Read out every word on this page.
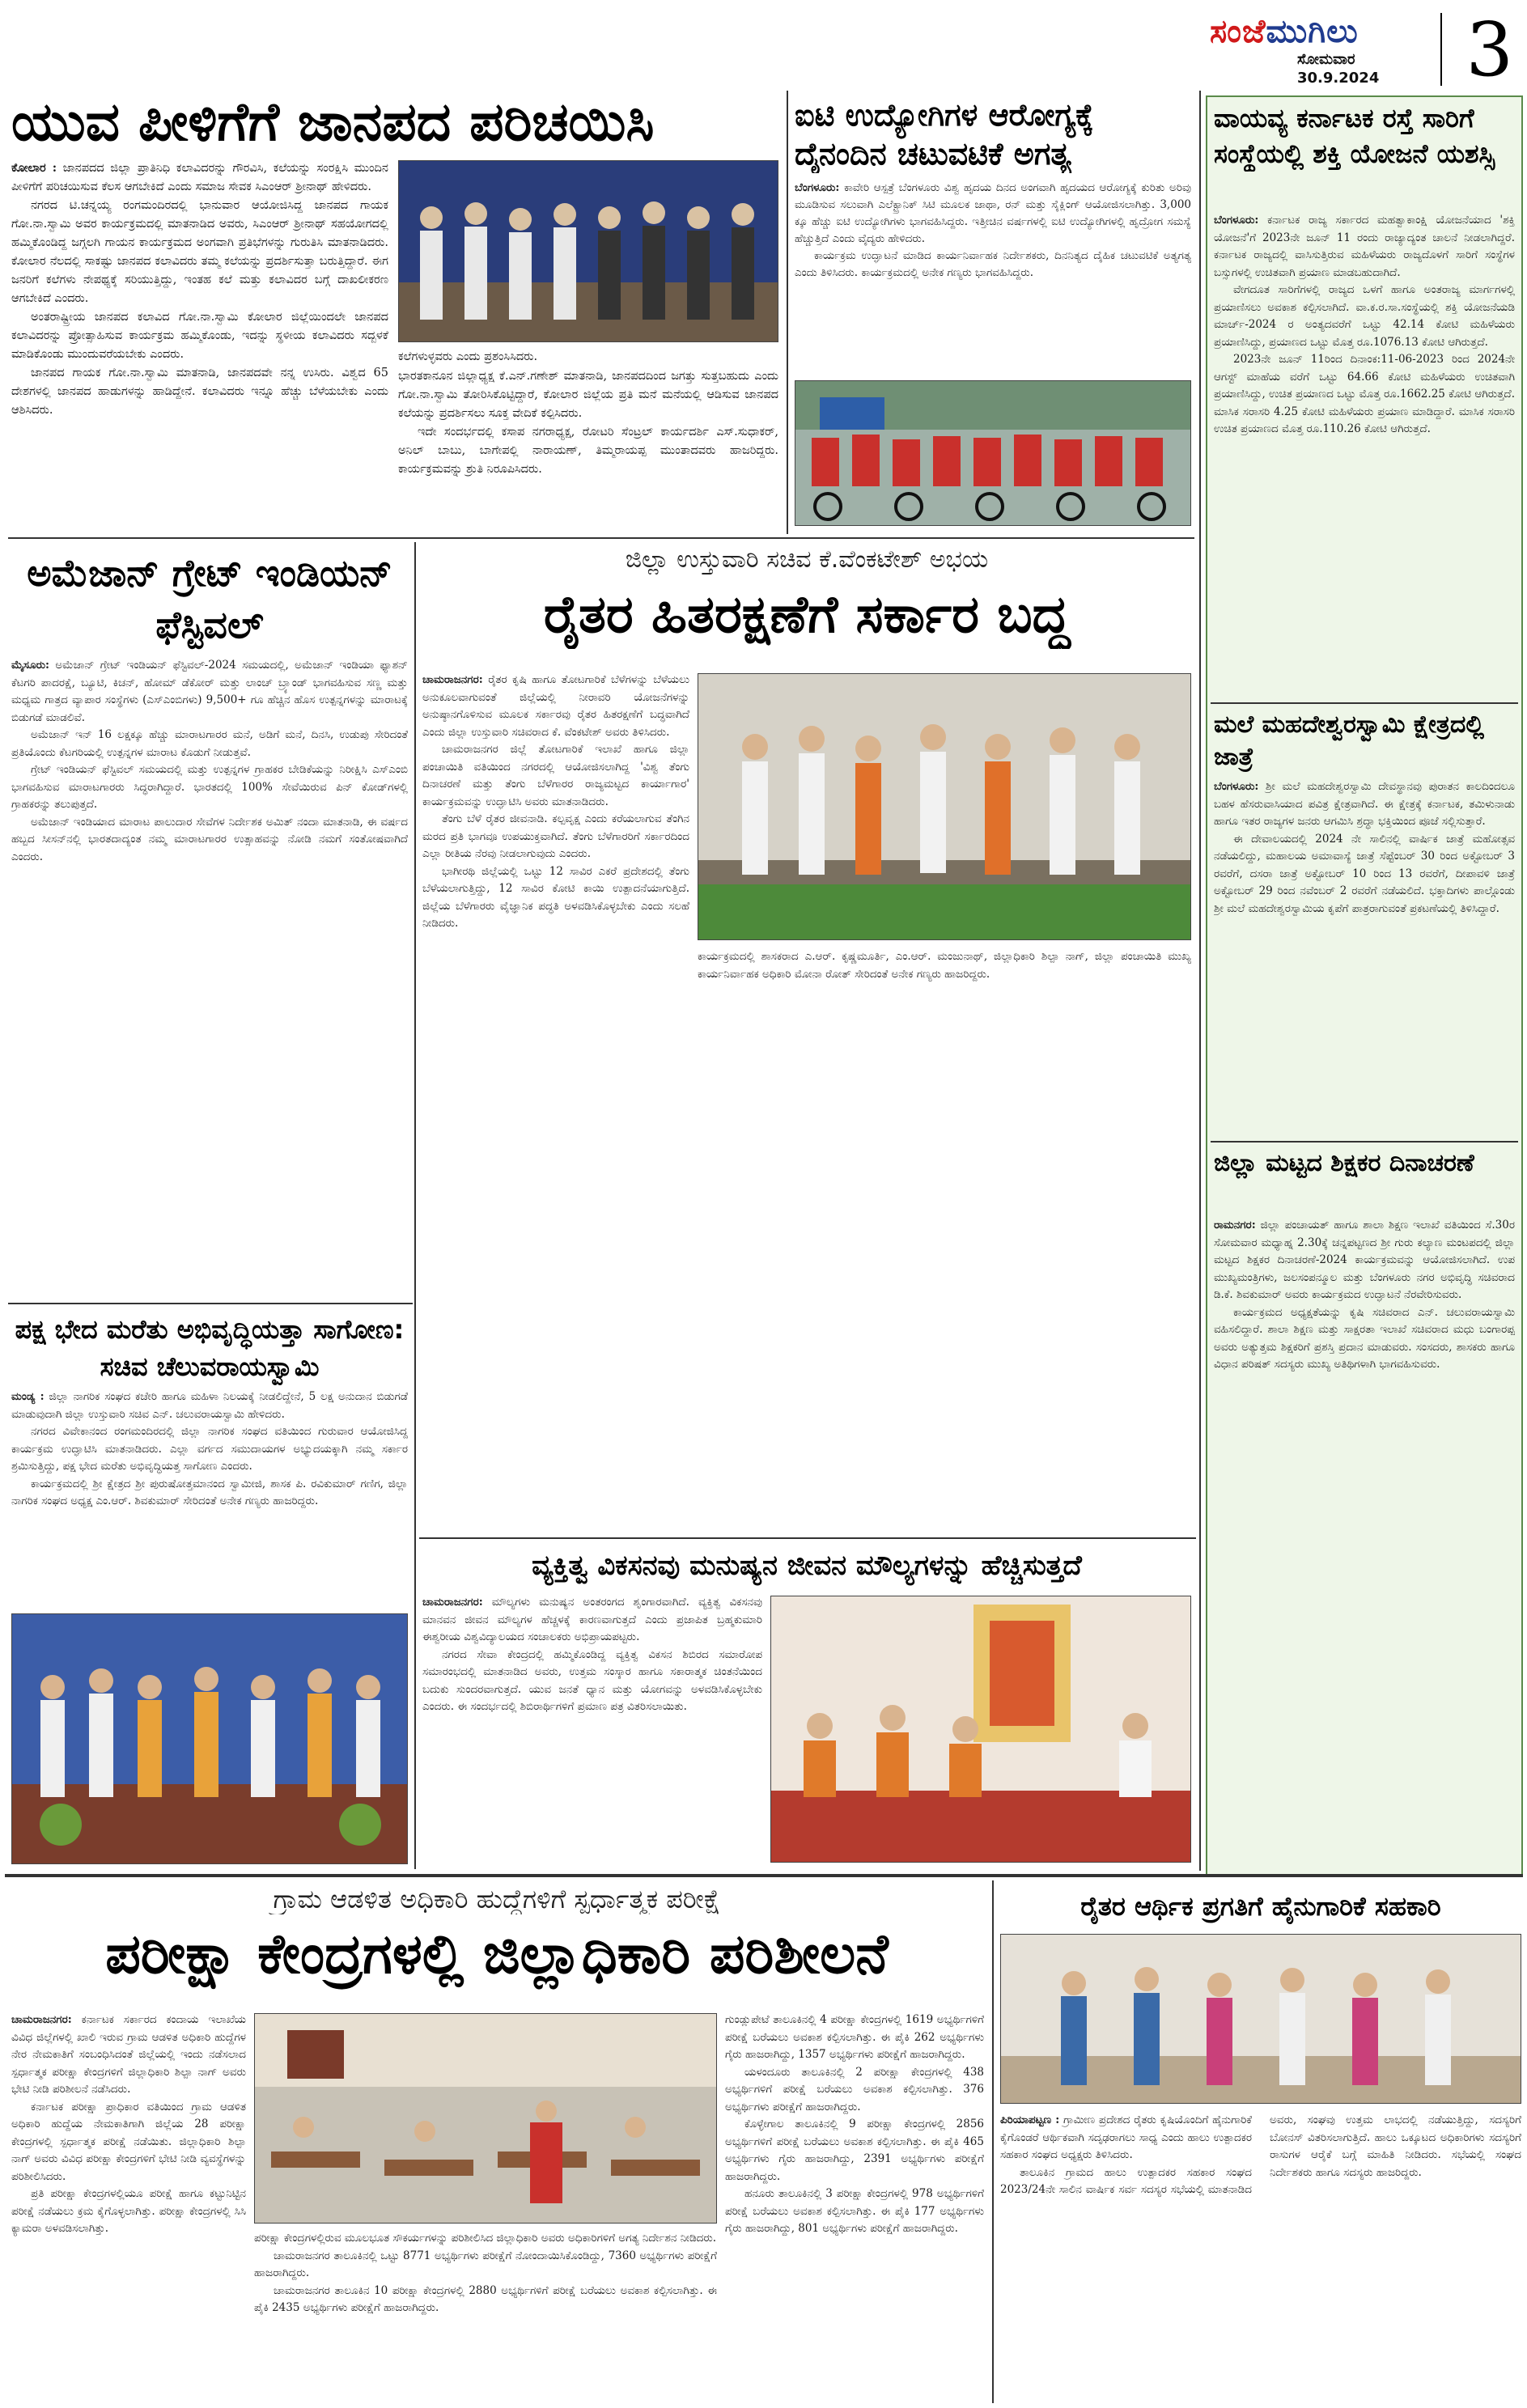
ಸಂಜೆಮುಗಿಲು
ಸೋಮವಾರ
30.9.2024 3
ಯುವ ಪೀಳಿಗೆಗೆ ಜಾನಪದ ಪರಿಚಯಿಸಿ

ಕೋಲಾರ : ಜಾನಪದದ ಜಿಲ್ಲಾ ಪ್ರಾತಿನಿಧಿ ಕಲಾವಿದರನ್ನು ಗೌರವಿಸಿ, ಕಲೆಯನ್ನು ಸಂರಕ್ಷಿಸಿ ಮುಂದಿನ ಪೀಳಿಗೆಗೆ ಪರಿಚಯಿಸುವ ಕೆಲಸ ಆಗಬೇಕಿದೆ ಎಂದು ಸಮಾಜ ಸೇವಕ ಸಿಎಂಆರ್ ಶ್ರೀನಾಥ್ ಹೇಳಿದರು.

ನಗರದ ಟಿ.ಚನ್ನಯ್ಯ ರಂಗಮಂದಿರದಲ್ಲಿ ಭಾನುವಾರ ಆಯೋಜಿಸಿದ್ದ ಜಾನಪದ ಗಾಯಕ ಗೋ.ನಾ.ಸ್ವಾಮಿ ಅವರ ಕಾರ್ಯಕ್ರಮದಲ್ಲಿ ಮಾತನಾಡಿದ ಅವರು, ಸಿಎಂಆರ್ ಶ್ರೀನಾಥ್ ಸಹಯೋಗದಲ್ಲಿ ಹಮ್ಮಿಕೊಂಡಿದ್ದ ಜಗ್ಗಲಗಿ ಗಾಯನ ಕಾರ್ಯಕ್ರಮದ ಅಂಗವಾಗಿ ಪ್ರತಿಭೆಗಳನ್ನು ಗುರುತಿಸಿ ಮಾತನಾಡಿದರು. ಕೋಲಾರ ನೆಲದಲ್ಲಿ ಸಾಕಷ್ಟು ಜಾನಪದ ಕಲಾವಿದರು ತಮ್ಮ ಕಲೆಯನ್ನು ಪ್ರದರ್ಶಿಸುತ್ತಾ ಬರುತ್ತಿದ್ದಾರೆ. ಈಗ ಜನರಿಗೆ ಕಲೆಗಳು ನೇಪಥ್ಯಕ್ಕೆ ಸರಿಯುತ್ತಿದ್ದು, ಇಂತಹ ಕಲೆ ಮತ್ತು ಕಲಾವಿದರ ಬಗ್ಗೆ ದಾಖಲೀಕರಣ ಆಗಬೇಕಿದೆ ಎಂದರು.

ಅಂತರಾಷ್ಟ್ರೀಯ ಜಾನಪದ ಕಲಾವಿದ ಗೋ.ನಾ.ಸ್ವಾಮಿ ಕೋಲಾರ ಜಿಲ್ಲೆಯಿಂದಲೇ ಜಾನಪದ ಕಲಾವಿದರನ್ನು ಪ್ರೋತ್ಸಾಹಿಸುವ ಕಾರ್ಯಕ್ರಮ ಹಮ್ಮಿಕೊಂಡು, ಇದನ್ನು ಸ್ಥಳೀಯ ಕಲಾವಿದರು ಸದ್ಬಳಕೆ ಮಾಡಿಕೊಂಡು ಮುಂದುವರೆಯಬೇಕು ಎಂದರು.

ಜಾನಪದ ಗಾಯಕ ಗೋ.ನಾ.ಸ್ವಾಮಿ ಮಾತನಾಡಿ, ಜಾನಪದವೇ ನನ್ನ ಉಸಿರು. ವಿಶ್ವದ 65 ದೇಶಗಳಲ್ಲಿ ಜಾನಪದ ಹಾಡುಗಳನ್ನು ಹಾಡಿದ್ದೇನೆ. ಕಲಾವಿದರು ಇನ್ನೂ ಹೆಚ್ಚು ಬೆಳೆಯಬೇಕು ಎಂದು ಆಶಿಸಿದರು.

ಕಲೆಗಳುಳ್ಳವರು ಎಂದು ಪ್ರಶಂಸಿಸಿದರು.

ಭಾರತಕಾನೂನ ಜಿಲ್ಲಾಧ್ಯಕ್ಷ ಕೆ.ಎನ್.ಗಣೇಶ್ ಮಾತನಾಡಿ, ಜಾನಪದದಿಂದ ಜಗತ್ತು ಸುತ್ತಬಹುದು ಎಂದು ಗೋ.ನಾ.ಸ್ವಾಮಿ ತೋರಿಸಿಕೊಟ್ಟಿದ್ದಾರೆ, ಕೋಲಾರ ಜಿಲ್ಲೆಯ ಪ್ರತಿ ಮನೆ ಮನೆಯಲ್ಲಿ ಆಡಿಸುವ ಜಾನಪದ ಕಲೆಯನ್ನು ಪ್ರದರ್ಶಿಸಲು ಸೂಕ್ತ ವೇದಿಕೆ ಕಲ್ಪಿಸಿದರು.

ಇದೇ ಸಂದರ್ಭದಲ್ಲಿ ಕಸಾಪ ನಗರಾಧ್ಯಕ್ಷ, ರೋಟರಿ ಸೆಂಟ್ರಲ್ ಕಾರ್ಯದರ್ಶಿ ಎಸ್.ಸುಧಾಕರ್, ಅನಿಲ್ ಬಾಬು, ಬಾಗೇಪಲ್ಲಿ ನಾರಾಯಣ್, ತಿಮ್ಮರಾಯಪ್ಪ ಮುಂತಾದವರು ಹಾಜರಿದ್ದರು. ಕಾರ್ಯಕ್ರಮವನ್ನು ಶ್ರುತಿ ನಿರೂಪಿಸಿದರು.

ಐಟಿ ಉದ್ಯೋಗಿಗಳ ಆರೋಗ್ಯಕ್ಕೆ ದೈನಂದಿನ ಚಟುವಟಿಕೆ ಅಗತ್ಯ

ಬೆಂಗಳೂರು: ಕಾವೇರಿ ಆಸ್ಪತ್ರೆ ಬೆಂಗಳೂರು ವಿಶ್ವ ಹೃದಯ ದಿನದ ಅಂಗವಾಗಿ ಹೃದಯದ ಆರೋಗ್ಯಕ್ಕೆ ಕುರಿತು ಅರಿವು ಮೂಡಿಸುವ ಸಲುವಾಗಿ ಎಲೆಕ್ಟ್ರಾನಿಕ್ ಸಿಟಿ ಮೂಲಕ ಜಾಥಾ, ರನ್ ಮತ್ತು ಸೈಕ್ಲಿಂಗ್ ಆಯೋಜಿಸಲಾಗಿತ್ತು. 3,000 ಕ್ಕೂ ಹೆಚ್ಚು ಐಟಿ ಉದ್ಯೋಗಿಗಳು ಭಾಗವಹಿಸಿದ್ದರು. ಇತ್ತೀಚಿನ ವರ್ಷಗಳಲ್ಲಿ ಐಟಿ ಉದ್ಯೋಗಿಗಳಲ್ಲಿ ಹೃದ್ರೋಗ ಸಮಸ್ಯೆ ಹೆಚ್ಚುತ್ತಿದೆ ಎಂದು ವೈದ್ಯರು ಹೇಳಿದರು.

ಕಾರ್ಯಕ್ರಮ ಉದ್ಘಾಟನೆ ಮಾಡಿದ ಕಾರ್ಯನಿರ್ವಾಹಕ ನಿರ್ದೇಶಕರು, ದಿನನಿತ್ಯದ ದೈಹಿಕ ಚಟುವಟಿಕೆ ಅತ್ಯಗತ್ಯ ಎಂದು ತಿಳಿಸಿದರು. ಕಾರ್ಯಕ್ರಮದಲ್ಲಿ ಅನೇಕ ಗಣ್ಯರು ಭಾಗವಹಿಸಿದ್ದರು.

ವಾಯವ್ಯ ಕರ್ನಾಟಕ ರಸ್ತೆ ಸಾರಿಗೆ ಸಂಸ್ಥೆಯಲ್ಲಿ ಶಕ್ತಿ ಯೋಜನೆ ಯಶಸ್ಸಿ

ಬೆಂಗಳೂರು: ಕರ್ನಾಟಕ ರಾಜ್ಯ ಸರ್ಕಾರದ ಮಹತ್ವಾಕಾಂಕ್ಷಿ ಯೋಜನೆಯಾದ 'ಶಕ್ತಿ ಯೋಜನೆ'ಗೆ 2023ನೇ ಜೂನ್ 11 ರಂದು ರಾಜ್ಯಾದ್ಯಂತ ಚಾಲನೆ ನೀಡಲಾಗಿದ್ದರೆ. ಕರ್ನಾಟಕ ರಾಜ್ಯದಲ್ಲಿ ವಾಸಿಸುತ್ತಿರುವ ಮಹಿಳೆಯರು ರಾಜ್ಯದೊಳಗೆ ಸಾರಿಗೆ ಸಂಸ್ಥೆಗಳ ಬಸ್ಸುಗಳಲ್ಲಿ ಉಚಿತವಾಗಿ ಪ್ರಯಾಣ ಮಾಡಬಹುದಾಗಿದೆ.

ವೇಗದೂತ ಸಾರಿಗೆಗಳಲ್ಲಿ ರಾಜ್ಯದ ಒಳಗೆ ಹಾಗೂ ಅಂತರಾಜ್ಯ ಮಾರ್ಗಗಳಲ್ಲಿ ಪ್ರಯಾಣಿಸಲು ಅವಕಾಶ ಕಲ್ಪಿಸಲಾಗಿದೆ. ವಾ.ಕ.ರ.ಸಾ.ಸಂಸ್ಥೆಯಲ್ಲಿ ಶಕ್ತಿ ಯೋಜನೆಯಡಿ ಮಾರ್ಚ್-2024 ರ ಅಂತ್ಯದವರೆಗೆ ಒಟ್ಟು 42.14 ಕೋಟಿ ಮಹಿಳೆಯರು ಪ್ರಯಾಣಿಸಿದ್ದು, ಪ್ರಯಾಣದ ಒಟ್ಟು ಮೊತ್ತ ರೂ.1076.13 ಕೋಟಿ ಆಗಿರುತ್ತದೆ.

2023ನೇ ಜೂನ್ 11ರಿಂದ ದಿನಾಂಕ:11-06-2023 ರಿಂದ 2024ನೇ ಆಗಸ್ಟ್ ಮಾಹೆಯ ವರೆಗೆ ಒಟ್ಟು 64.66 ಕೋಟಿ ಮಹಿಳೆಯರು ಉಚಿತವಾಗಿ ಪ್ರಯಾಣಿಸಿದ್ದು, ಉಚಿತ ಪ್ರಯಾಣದ ಒಟ್ಟು ಮೊತ್ತ ರೂ.1662.25 ಕೋಟಿ ಆಗಿರುತ್ತದೆ. ಮಾಸಿಕ ಸರಾಸರಿ 4.25 ಕೋಟಿ ಮಹಿಳೆಯರು ಪ್ರಯಾಣ ಮಾಡಿದ್ದಾರೆ. ಮಾಸಿಕ ಸರಾಸರಿ ಉಚಿತ ಪ್ರಯಾಣದ ಮೊತ್ತ ರೂ.110.26 ಕೋಟಿ ಆಗಿರುತ್ತದೆ.

ಮಲೆ ಮಹದೇಶ್ವರಸ್ವಾಮಿ ಕ್ಷೇತ್ರದಲ್ಲಿ ಜಾತ್ರೆ

ಬೆಂಗಳೂರು: ಶ್ರೀ ಮಲೆ ಮಹದೇಶ್ವರಸ್ವಾಮಿ ದೇವಸ್ಥಾನವು ಪುರಾತನ ಕಾಲದಿಂದಲೂ ಬಹಳ ಹೆಸರುವಾಸಿಯಾದ ಪವಿತ್ರ ಕ್ಷೇತ್ರವಾಗಿದೆ. ಈ ಕ್ಷೇತ್ರಕ್ಕೆ ಕರ್ನಾಟಕ, ತಮಿಳುನಾಡು ಹಾಗೂ ಇತರ ರಾಜ್ಯಗಳ ಜನರು ಆಗಮಿಸಿ ಶ್ರದ್ಧಾ ಭಕ್ತಿಯಿಂದ ಪೂಜೆ ಸಲ್ಲಿಸುತ್ತಾರೆ.

ಈ ದೇವಾಲಯದಲ್ಲಿ 2024 ನೇ ಸಾಲಿನಲ್ಲಿ ವಾರ್ಷಿಕ ಜಾತ್ರೆ ಮಹೋತ್ಸವ ನಡೆಯಲಿದ್ದು, ಮಹಾಲಯ ಅಮಾವಾಸ್ಯೆ ಜಾತ್ರೆ ಸೆಪ್ಟೆಂಬರ್ 30 ರಿಂದ ಅಕ್ಟೋಬರ್ 3 ರವರೆಗೆ, ದಸರಾ ಜಾತ್ರೆ ಅಕ್ಟೋಬರ್ 10 ರಿಂದ 13 ರವರೆಗೆ, ದೀಪಾವಳಿ ಜಾತ್ರೆ ಅಕ್ಟೋಬರ್ 29 ರಿಂದ ನವೆಂಬರ್ 2 ರವರೆಗೆ ನಡೆಯಲಿದೆ. ಭಕ್ತಾದಿಗಳು ಪಾಲ್ಗೊಂಡು ಶ್ರೀ ಮಲೆ ಮಹದೇಶ್ವರಸ್ವಾಮಿಯ ಕೃಪೆಗೆ ಪಾತ್ರರಾಗುವಂತೆ ಪ್ರಕಟಣೆಯಲ್ಲಿ ತಿಳಿಸಿದ್ದಾರೆ.

ಜಿಲ್ಲಾ ಮಟ್ಟದ ಶಿಕ್ಷಕರ ದಿನಾಚರಣೆ

ರಾಮನಗರ: ಜಿಲ್ಲಾ ಪಂಚಾಯತ್ ಹಾಗೂ ಶಾಲಾ ಶಿಕ್ಷಣ ಇಲಾಖೆ ವತಿಯಿಂದ ಸೆ.30ರ ಸೋಮವಾರ ಮಧ್ಯಾಹ್ನ 2.30ಕ್ಕೆ ಚನ್ನಪಟ್ಟಣದ ಶ್ರೀ ಗುರು ಕಲ್ಯಾಣ ಮಂಟಪದಲ್ಲಿ ಜಿಲ್ಲಾ ಮಟ್ಟದ ಶಿಕ್ಷಕರ ದಿನಾಚರಣೆ-2024 ಕಾರ್ಯಕ್ರಮವನ್ನು ಆಯೋಜಿಸಲಾಗಿದೆ. ಉಪ ಮುಖ್ಯಮಂತ್ರಿಗಳು, ಜಲಸಂಪನ್ಮೂಲ ಮತ್ತು ಬೆಂಗಳೂರು ನಗರ ಅಭಿವೃದ್ಧಿ ಸಚಿವರಾದ ಡಿ.ಕೆ. ಶಿವಕುಮಾರ್ ಅವರು ಕಾರ್ಯಕ್ರಮದ ಉದ್ಘಾಟನೆ ನೆರವೇರಿಸುವರು.

ಕಾರ್ಯಕ್ರಮದ ಅಧ್ಯಕ್ಷತೆಯನ್ನು ಕೃಷಿ ಸಚಿವರಾದ ಎನ್. ಚಲುವರಾಯಸ್ವಾಮಿ ವಹಿಸಲಿದ್ದಾರೆ. ಶಾಲಾ ಶಿಕ್ಷಣ ಮತ್ತು ಸಾಕ್ಷರತಾ ಇಲಾಖೆ ಸಚಿವರಾದ ಮಧು ಬಂಗಾರಪ್ಪ ಅವರು ಅತ್ಯುತ್ತಮ ಶಿಕ್ಷಕರಿಗೆ ಪ್ರಶಸ್ತಿ ಪ್ರದಾನ ಮಾಡುವರು. ಸಂಸದರು, ಶಾಸಕರು ಹಾಗೂ ವಿಧಾನ ಪರಿಷತ್ ಸದಸ್ಯರು ಮುಖ್ಯ ಅತಿಥಿಗಳಾಗಿ ಭಾಗವಹಿಸುವರು.

ಅಮೆಜಾನ್ ಗ್ರೇಟ್ ಇಂಡಿಯನ್ ಫೆಸ್ಟಿವಲ್

ಮೈಸೂರು: ಅಮೆಜಾನ್ ಗ್ರೇಟ್ ಇಂಡಿಯನ್ ಫೆಸ್ಟಿವಲ್-2024 ಸಮಯದಲ್ಲಿ, ಅಮೆಜಾನ್ ಇಂಡಿಯಾ ಫ್ಯಾಶನ್ ಕೆಟಗರಿ ಪಾದರಕ್ಷೆ, ಬ್ಯೂಟಿ, ಕಿಚನ್, ಹೋಮ್ ಡೆಕೋರ್ ಮತ್ತು ಲಾಂಚ್ ಬ್ರ್ಯಾಂಡ್ ಭಾಗವಹಿಸುವ ಸಣ್ಣ ಮತ್ತು ಮಧ್ಯಮ ಗಾತ್ರದ ವ್ಯಾಪಾರ ಸಂಸ್ಥೆಗಳು (ಎಸ್‌ಎಂಬಿಗಳು) 9,500+ ಗೂ ಹೆಚ್ಚಿನ ಹೊಸ ಉತ್ಪನ್ನಗಳನ್ನು ಮಾರಾಟಕ್ಕೆ ಬಿಡುಗಡೆ ಮಾಡಲಿವೆ.

ಅಮೆಜಾನ್ ಇನ್ 16 ಲಕ್ಷಕ್ಕೂ ಹೆಚ್ಚು ಮಾರಾಟಗಾರರ ಮನೆ, ಅಡಿಗೆ ಮನೆ, ದಿನಸಿ, ಉಡುಪು ಸೇರಿದಂತೆ ಪ್ರತಿಯೊಂದು ಕೆಟಗರಿಯಲ್ಲಿ ಉತ್ಪನ್ನಗಳ ಮಾರಾಟ ಕೊಡುಗೆ ನೀಡುತ್ತವೆ.

ಗ್ರೇಟ್ ಇಂಡಿಯನ್ ಫೆಸ್ಟಿವಲ್ ಸಮಯದಲ್ಲಿ ಮತ್ತು ಉತ್ಪನ್ನಗಳ ಗ್ರಾಹಕರ ಬೇಡಿಕೆಯನ್ನು ನಿರೀಕ್ಷಿಸಿ ಎಸ್‌ಎಂಬಿ ಭಾಗವಹಿಸುವ ಮಾರಾಟಗಾರರು ಸಿದ್ಧರಾಗಿದ್ದಾರೆ. ಭಾರತದಲ್ಲಿ 100% ಸೇವೆಯಿರುವ ಪಿನ್ ಕೋಡ್‌ಗಳಲ್ಲಿ ಗ್ರಾಹಕರನ್ನು ತಲುಪುತ್ತದೆ.

ಅಮೆಜಾನ್ ಇಂಡಿಯಾದ ಮಾರಾಟ ಪಾಲುದಾರ ಸೇವೆಗಳ ನಿರ್ದೇಶಕ ಅಮಿತ್ ನಂದಾ ಮಾತನಾಡಿ, ಈ ವರ್ಷದ ಹಬ್ಬದ ಸೀಸನ್‌ನಲ್ಲಿ ಭಾರತದಾದ್ಯಂತ ನಮ್ಮ ಮಾರಾಟಗಾರರ ಉತ್ಸಾಹವನ್ನು ನೋಡಿ ನಮಗೆ ಸಂತೋಷವಾಗಿದೆ ಎಂದರು.

ಜಿಲ್ಲಾ ಉಸ್ತುವಾರಿ ಸಚಿವ ಕೆ.ವೆಂಕಟೇಶ್ ಅಭಯ
ರೈತರ ಹಿತರಕ್ಷಣೆಗೆ ಸರ್ಕಾರ ಬದ್ಧ

ಚಾಮರಾಜನಗರ: ರೈತರ ಕೃಷಿ ಹಾಗೂ ತೋಟಗಾರಿಕೆ ಬೆಳೆಗಳನ್ನು ಬೆಳೆಯಲು ಅನುಕೂಲವಾಗುವಂತೆ ಜಿಲ್ಲೆಯಲ್ಲಿ ನೀರಾವರಿ ಯೋಜನೆಗಳನ್ನು ಅನುಷ್ಠಾನಗೊಳಿಸುವ ಮೂಲಕ ಸರ್ಕಾರವು ರೈತರ ಹಿತರಕ್ಷಣೆಗೆ ಬದ್ಧವಾಗಿದೆ ಎಂದು ಜಿಲ್ಲಾ ಉಸ್ತುವಾರಿ ಸಚಿವರಾದ ಕೆ. ವೆಂಕಟೇಶ್ ಅವರು ತಿಳಿಸಿದರು.

ಚಾಮರಾಜನಗರ ಜಿಲ್ಲೆ ತೋಟಗಾರಿಕೆ ಇಲಾಖೆ ಹಾಗೂ ಜಿಲ್ಲಾ ಪಂಚಾಯಿತಿ ವತಿಯಿಂದ ನಗರದಲ್ಲಿ ಆಯೋಜಿಸಲಾಗಿದ್ದ 'ವಿಶ್ವ ತೆಂಗು ದಿನಾಚರಣೆ ಮತ್ತು ತೆಂಗು ಬೆಳೆಗಾರರ ರಾಜ್ಯಮಟ್ಟದ ಕಾರ್ಯಾಗಾರ' ಕಾರ್ಯಕ್ರಮವನ್ನು ಉದ್ಘಾಟಿಸಿ ಅವರು ಮಾತನಾಡಿದರು.

ತೆಂಗು ಬೆಳೆ ರೈತರ ಜೀವನಾಡಿ. ಕಲ್ಪವೃಕ್ಷ ಎಂದು ಕರೆಯಲಾಗುವ ತೆಂಗಿನ ಮರದ ಪ್ರತಿ ಭಾಗವೂ ಉಪಯುಕ್ತವಾಗಿದೆ. ತೆಂಗು ಬೆಳೆಗಾರರಿಗೆ ಸರ್ಕಾರದಿಂದ ಎಲ್ಲಾ ರೀತಿಯ ನೆರವು ನೀಡಲಾಗುವುದು ಎಂದರು.

ಭಾಗೀರಥಿ ಜಿಲ್ಲೆಯಲ್ಲಿ ಒಟ್ಟು 12 ಸಾವಿರ ಎಕರೆ ಪ್ರದೇಶದಲ್ಲಿ ತೆಂಗು ಬೆಳೆಯಲಾಗುತ್ತಿದ್ದು, 12 ಸಾವಿರ ಕೋಟಿ ಕಾಯಿ ಉತ್ಪಾದನೆಯಾಗುತ್ತಿದೆ. ಜಿಲ್ಲೆಯ ಬೆಳೆಗಾರರು ವೈಜ್ಞಾನಿಕ ಪದ್ಧತಿ ಅಳವಡಿಸಿಕೊಳ್ಳಬೇಕು ಎಂದು ಸಲಹೆ ನೀಡಿದರು.

ಕಾರ್ಯಕ್ರಮದಲ್ಲಿ ಶಾಸಕರಾದ ಎ.ಆರ್. ಕೃಷ್ಣಮೂರ್ತಿ, ಎಂ.ಆರ್. ಮಂಜುನಾಥ್, ಜಿಲ್ಲಾಧಿಕಾರಿ ಶಿಲ್ಪಾ ನಾಗ್, ಜಿಲ್ಲಾ ಪಂಚಾಯಿತಿ ಮುಖ್ಯ ಕಾರ್ಯನಿರ್ವಾಹಕ ಅಧಿಕಾರಿ ಮೋನಾ ರೋತ್ ಸೇರಿದಂತೆ ಅನೇಕ ಗಣ್ಯರು ಹಾಜರಿದ್ದರು.

ಪಕ್ಷ ಭೇದ ಮರೆತು ಅಭಿವೃದ್ಧಿಯತ್ತಾ ಸಾಗೋಣ: ಸಚಿವ ಚೆಲುವರಾಯಸ್ವಾಮಿ

ಮಂಡ್ಯ : ಜಿಲ್ಲಾ ನಾಗರಿಕ ಸಂಘದ ಕಚೇರಿ ಹಾಗೂ ಮಹಿಳಾ ನಿಲಯಕ್ಕೆ ನೀಡಲಿದ್ದೇನೆ, 5 ಲಕ್ಷ ಅನುದಾನ ಬಿಡುಗಡೆ ಮಾಡುವುದಾಗಿ ಜಿಲ್ಲಾ ಉಸ್ತುವಾರಿ ಸಚಿವ ಎನ್. ಚಲುವರಾಯಸ್ವಾಮಿ ಹೇಳಿದರು.

ನಗರದ ವಿವೇಕಾನಂದ ರಂಗಮಂದಿರದಲ್ಲಿ ಜಿಲ್ಲಾ ನಾಗರಿಕ ಸಂಘದ ವತಿಯಿಂದ ಗುರುವಾರ ಆಯೋಜಿಸಿದ್ದ ಕಾರ್ಯಕ್ರಮ ಉದ್ಘಾಟಿಸಿ ಮಾತನಾಡಿದರು. ಎಲ್ಲಾ ವರ್ಗದ ಸಮುದಾಯಗಳ ಅಭ್ಯುದಯಕ್ಕಾಗಿ ನಮ್ಮ ಸರ್ಕಾರ ಶ್ರಮಿಸುತ್ತಿದ್ದು, ಪಕ್ಷ ಭೇದ ಮರೆತು ಅಭಿವೃದ್ಧಿಯತ್ತ ಸಾಗೋಣ ಎಂದರು.

ಕಾರ್ಯಕ್ರಮದಲ್ಲಿ ಶ್ರೀ ಕ್ಷೇತ್ರದ ಶ್ರೀ ಪುರುಷೋತ್ತಮಾನಂದ ಸ್ವಾಮೀಜಿ, ಶಾಸಕ ಪಿ. ರವಿಕುಮಾರ್ ಗಣಿಗ, ಜಿಲ್ಲಾ ನಾಗರಿಕ ಸಂಘದ ಅಧ್ಯಕ್ಷ ಎಂ.ಆರ್. ಶಿವಕುಮಾರ್ ಸೇರಿದಂತೆ ಅನೇಕ ಗಣ್ಯರು ಹಾಜರಿದ್ದರು.

ವ್ಯಕ್ತಿತ್ವ ವಿಕಸನವು ಮನುಷ್ಯನ ಜೀವನ ಮೌಲ್ಯಗಳನ್ನು ಹೆಚ್ಚಿಸುತ್ತದೆ

ಚಾಮರಾಜನಗರ: ಮೌಲ್ಯಗಳು ಮನುಷ್ಯನ ಅಂತರಂಗದ ಶೃಂಗಾರವಾಗಿದೆ. ವ್ಯಕ್ತಿತ್ವ ವಿಕಸನವು ಮಾನವನ ಜೀವನ ಮೌಲ್ಯಗಳ ಹೆಚ್ಚಳಕ್ಕೆ ಕಾರಣವಾಗುತ್ತದೆ ಎಂದು ಪ್ರಜಾಪಿತ ಬ್ರಹ್ಮಕುಮಾರಿ ಈಶ್ವರೀಯ ವಿಶ್ವವಿದ್ಯಾಲಯದ ಸಂಚಾಲಕರು ಅಭಿಪ್ರಾಯಪಟ್ಟರು.

ನಗರದ ಸೇವಾ ಕೇಂದ್ರದಲ್ಲಿ ಹಮ್ಮಿಕೊಂಡಿದ್ದ ವ್ಯಕ್ತಿತ್ವ ವಿಕಸನ ಶಿಬಿರದ ಸಮಾರೋಪ ಸಮಾರಂಭದಲ್ಲಿ ಮಾತನಾಡಿದ ಅವರು, ಉತ್ತಮ ಸಂಸ್ಕಾರ ಹಾಗೂ ಸಕಾರಾತ್ಮಕ ಚಿಂತನೆಯಿಂದ ಬದುಕು ಸುಂದರವಾಗುತ್ತದೆ. ಯುವ ಜನತೆ ಧ್ಯಾನ ಮತ್ತು ಯೋಗವನ್ನು ಅಳವಡಿಸಿಕೊಳ್ಳಬೇಕು ಎಂದರು. ಈ ಸಂದರ್ಭದಲ್ಲಿ ಶಿಬಿರಾರ್ಥಿಗಳಿಗೆ ಪ್ರಮಾಣ ಪತ್ರ ವಿತರಿಸಲಾಯಿತು.

ಗ್ರಾಮ ಆಡಳಿತ ಅಧಿಕಾರಿ ಹುದ್ದೆಗಳಿಗೆ ಸ್ಪರ್ಧಾತ್ಮಕ ಪರೀಕ್ಷೆ
ಪರೀಕ್ಷಾ ಕೇಂದ್ರಗಳಲ್ಲಿ ಜಿಲ್ಲಾಧಿಕಾರಿ ಪರಿಶೀಲನೆ

ಚಾಮರಾಜನಗರ: ಕರ್ನಾಟಕ ಸರ್ಕಾರದ ಕಂದಾಯ ಇಲಾಖೆಯ ವಿವಿಧ ಜಿಲ್ಲೆಗಳಲ್ಲಿ ಖಾಲಿ ಇರುವ ಗ್ರಾಮ ಆಡಳಿತ ಅಧಿಕಾರಿ ಹುದ್ದೆಗಳ ನೇರ ನೇಮಕಾತಿಗೆ ಸಂಬಂಧಿಸಿದಂತೆ ಜಿಲ್ಲೆಯಲ್ಲಿ ಇಂದು ನಡೆಸಲಾದ ಸ್ಪರ್ಧಾತ್ಮಕ ಪರೀಕ್ಷಾ ಕೇಂದ್ರಗಳಿಗೆ ಜಿಲ್ಲಾಧಿಕಾರಿ ಶಿಲ್ಪಾ ನಾಗ್ ಅವರು ಭೇಟಿ ನೀಡಿ ಪರಿಶೀಲನೆ ನಡೆಸಿದರು.

ಕರ್ನಾಟಕ ಪರೀಕ್ಷಾ ಪ್ರಾಧಿಕಾರ ವತಿಯಿಂದ ಗ್ರಾಮ ಆಡಳಿತ ಅಧಿಕಾರಿ ಹುದ್ದೆಯ ನೇಮಕಾತಿಗಾಗಿ ಜಿಲ್ಲೆಯ 28 ಪರೀಕ್ಷಾ ಕೇಂದ್ರಗಳಲ್ಲಿ ಸ್ಪರ್ಧಾತ್ಮಕ ಪರೀಕ್ಷೆ ನಡೆಯಿತು. ಜಿಲ್ಲಾಧಿಕಾರಿ ಶಿಲ್ಪಾ ನಾಗ್ ಅವರು ವಿವಿಧ ಪರೀಕ್ಷಾ ಕೇಂದ್ರಗಳಿಗೆ ಭೇಟಿ ನೀಡಿ ವ್ಯವಸ್ಥೆಗಳನ್ನು ಪರಿಶೀಲಿಸಿದರು.

ಪ್ರತಿ ಪರೀಕ್ಷಾ ಕೇಂದ್ರಗಳಲ್ಲಿಯೂ ಪರೀಕ್ಷೆ ಹಾಗೂ ಕಟ್ಟುನಿಟ್ಟಿನ ಪರೀಕ್ಷೆ ನಡೆಯಲು ಕ್ರಮ ಕೈಗೊಳ್ಳಲಾಗಿತ್ತು. ಪರೀಕ್ಷಾ ಕೇಂದ್ರಗಳಲ್ಲಿ ಸಿಸಿ ಕ್ಯಾಮರಾ ಅಳವಡಿಸಲಾಗಿತ್ತು.

ಪರೀಕ್ಷಾ ಕೇಂದ್ರಗಳಲ್ಲಿರುವ ಮೂಲಭೂತ ಸೌಕರ್ಯಗಳನ್ನು ಪರಿಶೀಲಿಸಿದ ಜಿಲ್ಲಾಧಿಕಾರಿ ಅವರು ಅಧಿಕಾರಿಗಳಿಗೆ ಅಗತ್ಯ ನಿರ್ದೇಶನ ನೀಡಿದರು.

ಚಾಮರಾಜನಗರ ತಾಲೂಕಿನಲ್ಲಿ ಒಟ್ಟು 8771 ಅಭ್ಯರ್ಥಿಗಳು ಪರೀಕ್ಷೆಗೆ ನೋಂದಾಯಿಸಿಕೊಂಡಿದ್ದು, 7360 ಅಭ್ಯರ್ಥಿಗಳು ಪರೀಕ್ಷೆಗೆ ಹಾಜರಾಗಿದ್ದರು.

ಚಾಮರಾಜನಗರ ತಾಲೂಕಿನ 10 ಪರೀಕ್ಷಾ ಕೇಂದ್ರಗಳಲ್ಲಿ 2880 ಅಭ್ಯರ್ಥಿಗಳಿಗೆ ಪರೀಕ್ಷೆ ಬರೆಯಲು ಅವಕಾಶ ಕಲ್ಪಿಸಲಾಗಿತ್ತು. ಈ ಪೈಕಿ 2435 ಅಭ್ಯರ್ಥಿಗಳು ಪರೀಕ್ಷೆಗೆ ಹಾಜರಾಗಿದ್ದರು.

ಗುಂಡ್ಲುಪೇಟೆ ತಾಲೂಕಿನಲ್ಲಿ 4 ಪರೀಕ್ಷಾ ಕೇಂದ್ರಗಳಲ್ಲಿ 1619 ಅಭ್ಯರ್ಥಿಗಳಿಗೆ ಪರೀಕ್ಷೆ ಬರೆಯಲು ಅವಕಾಶ ಕಲ್ಪಿಸಲಾಗಿತ್ತು. ಈ ಪೈಕಿ 262 ಅಭ್ಯರ್ಥಿಗಳು ಗೈರು ಹಾಜರಾಗಿದ್ದು, 1357 ಅಭ್ಯರ್ಥಿಗಳು ಪರೀಕ್ಷೆಗೆ ಹಾಜರಾಗಿದ್ದರು.

ಯಳಂದೂರು ತಾಲೂಕಿನಲ್ಲಿ 2 ಪರೀಕ್ಷಾ ಕೇಂದ್ರಗಳಲ್ಲಿ 438 ಅಭ್ಯರ್ಥಿಗಳಿಗೆ ಪರೀಕ್ಷೆ ಬರೆಯಲು ಅವಕಾಶ ಕಲ್ಪಿಸಲಾಗಿತ್ತು. 376 ಅಭ್ಯರ್ಥಿಗಳು ಪರೀಕ್ಷೆಗೆ ಹಾಜರಾಗಿದ್ದರು.

ಕೊಳ್ಳೇಗಾಲ ತಾಲೂಕಿನಲ್ಲಿ 9 ಪರೀಕ್ಷಾ ಕೇಂದ್ರಗಳಲ್ಲಿ 2856 ಅಭ್ಯರ್ಥಿಗಳಿಗೆ ಪರೀಕ್ಷೆ ಬರೆಯಲು ಅವಕಾಶ ಕಲ್ಪಿಸಲಾಗಿತ್ತು. ಈ ಪೈಕಿ 465 ಅಭ್ಯರ್ಥಿಗಳು ಗೈರು ಹಾಜರಾಗಿದ್ದು, 2391 ಅಭ್ಯರ್ಥಿಗಳು ಪರೀಕ್ಷೆಗೆ ಹಾಜರಾಗಿದ್ದರು.

ಹನೂರು ತಾಲೂಕಿನಲ್ಲಿ 3 ಪರೀಕ್ಷಾ ಕೇಂದ್ರಗಳಲ್ಲಿ 978 ಅಭ್ಯರ್ಥಿಗಳಿಗೆ ಪರೀಕ್ಷೆ ಬರೆಯಲು ಅವಕಾಶ ಕಲ್ಪಿಸಲಾಗಿತ್ತು. ಈ ಪೈಕಿ 177 ಅಭ್ಯರ್ಥಿಗಳು ಗೈರು ಹಾಜರಾಗಿದ್ದು, 801 ಅಭ್ಯರ್ಥಿಗಳು ಪರೀಕ್ಷೆಗೆ ಹಾಜರಾಗಿದ್ದರು.

ರೈತರ ಆರ್ಥಿಕ ಪ್ರಗತಿಗೆ ಹೈನುಗಾರಿಕೆ ಸಹಕಾರಿ

ಪಿರಿಯಾಪಟ್ಟಣ : ಗ್ರಾಮೀಣ ಪ್ರದೇಶದ ರೈತರು ಕೃಷಿಯೊಂದಿಗೆ ಹೈನುಗಾರಿಕೆ ಕೈಗೊಂಡರೆ ಆರ್ಥಿಕವಾಗಿ ಸದೃಢರಾಗಲು ಸಾಧ್ಯ ಎಂದು ಹಾಲು ಉತ್ಪಾದಕರ ಸಹಕಾರ ಸಂಘದ ಅಧ್ಯಕ್ಷರು ತಿಳಿಸಿದರು.

ತಾಲೂಕಿನ ಗ್ರಾಮದ ಹಾಲು ಉತ್ಪಾದಕರ ಸಹಕಾರ ಸಂಘದ 2023/24ನೇ ಸಾಲಿನ ವಾರ್ಷಿಕ ಸರ್ವ ಸದಸ್ಯರ ಸಭೆಯಲ್ಲಿ ಮಾತನಾಡಿದ ಅವರು, ಸಂಘವು ಉತ್ತಮ ಲಾಭದಲ್ಲಿ ನಡೆಯುತ್ತಿದ್ದು, ಸದಸ್ಯರಿಗೆ ಬೋನಸ್ ವಿತರಿಸಲಾಗುತ್ತಿದೆ. ಹಾಲು ಒಕ್ಕೂಟದ ಅಧಿಕಾರಿಗಳು ಸದಸ್ಯರಿಗೆ ರಾಸುಗಳ ಆರೈಕೆ ಬಗ್ಗೆ ಮಾಹಿತಿ ನೀಡಿದರು. ಸಭೆಯಲ್ಲಿ ಸಂಘದ ನಿರ್ದೇಶಕರು ಹಾಗೂ ಸದಸ್ಯರು ಹಾಜರಿದ್ದರು.
